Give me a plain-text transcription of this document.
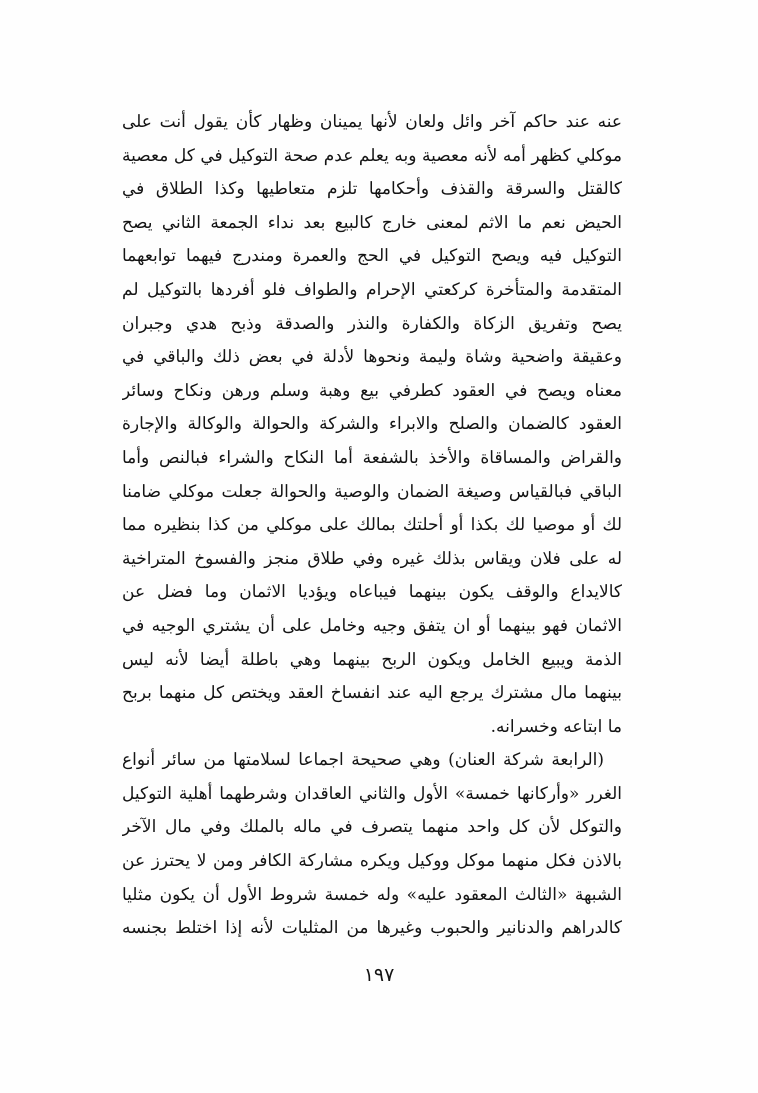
عنه عند حاكم آخر وائل ولعان لأنها يمينان وظهار كأن يقول أنت على
موكلي كظهر أمه لأنه معصية وبه يعلم عدم صحة التوكيل في كل معصية
كالقتل والسرقة والقذف وأحكامها تلزم متعاطيها وكذا الطلاق في
الحيض نعم ما الاثم لمعنى خارج كالبيع بعد نداء الجمعة الثاني يصح
التوكيل فيه ويصح التوكيل في الحج والعمرة ومندرج فيهما توابعهما
المتقدمة والمتأخرة كركعتي الإحرام والطواف فلو أفردها بالتوكيل لم
يصح وتفريق الزكاة والكفارة والنذر والصدقة وذبح هدي وجبران
وعقيقة واضحية وشاة وليمة ونحوها لأدلة في بعض ذلك والباقي في
معناه ويصح في العقود كطرفي بيع وهبة وسلم ورهن ونكاح وسائر
العقود كالضمان والصلح والابراء والشركة والحوالة والوكالة والإجارة
والقراض والمساقاة والأخذ بالشفعة أما النكاح والشراء فبالنص وأما
الباقي فبالقياس وصيغة الضمان والوصية والحوالة جعلت موكلي ضامنا
لك أو موصيا لك بكذا أو أحلتك بمالك على موكلي من كذا بنظيره مما
له على فلان ويقاس بذلك غيره وفي طلاق منجز والفسوخ المتراخية
كالايداع والوقف يكون بينهما فيباعاه ويؤديا الاثمان وما فضل عن
الاثمان فهو بينهما أو ان يتفق وجيه وخامل على أن يشتري الوجيه في
الذمة ويبيع الخامل ويكون الربح بينهما وهي باطلة أيضا لأنه ليس
بينهما مال مشترك يرجع اليه عند انفساخ العقد ويختص كل منهما بربح
ما ابتاعه وخسرانه.
(الرابعة شركة العنان) وهي صحيحة اجماعا لسلامتها من سائر أنواع
الغرر «وأركانها خمسة» الأول والثاني العاقدان وشرطهما أهلية التوكيل
والتوكل لأن كل واحد منهما يتصرف في ماله بالملك وفي مال الآخر
بالاذن فكل منهما موكل ووكيل ويكره مشاركة الكافر ومن لا يحترز عن
الشبهة «الثالث المعقود عليه» وله خمسة شروط الأول أن يكون مثليا
كالدراهم والدنانير والحبوب وغيرها من المثليات لأنه إذا اختلط بجنسه
١٩٧
